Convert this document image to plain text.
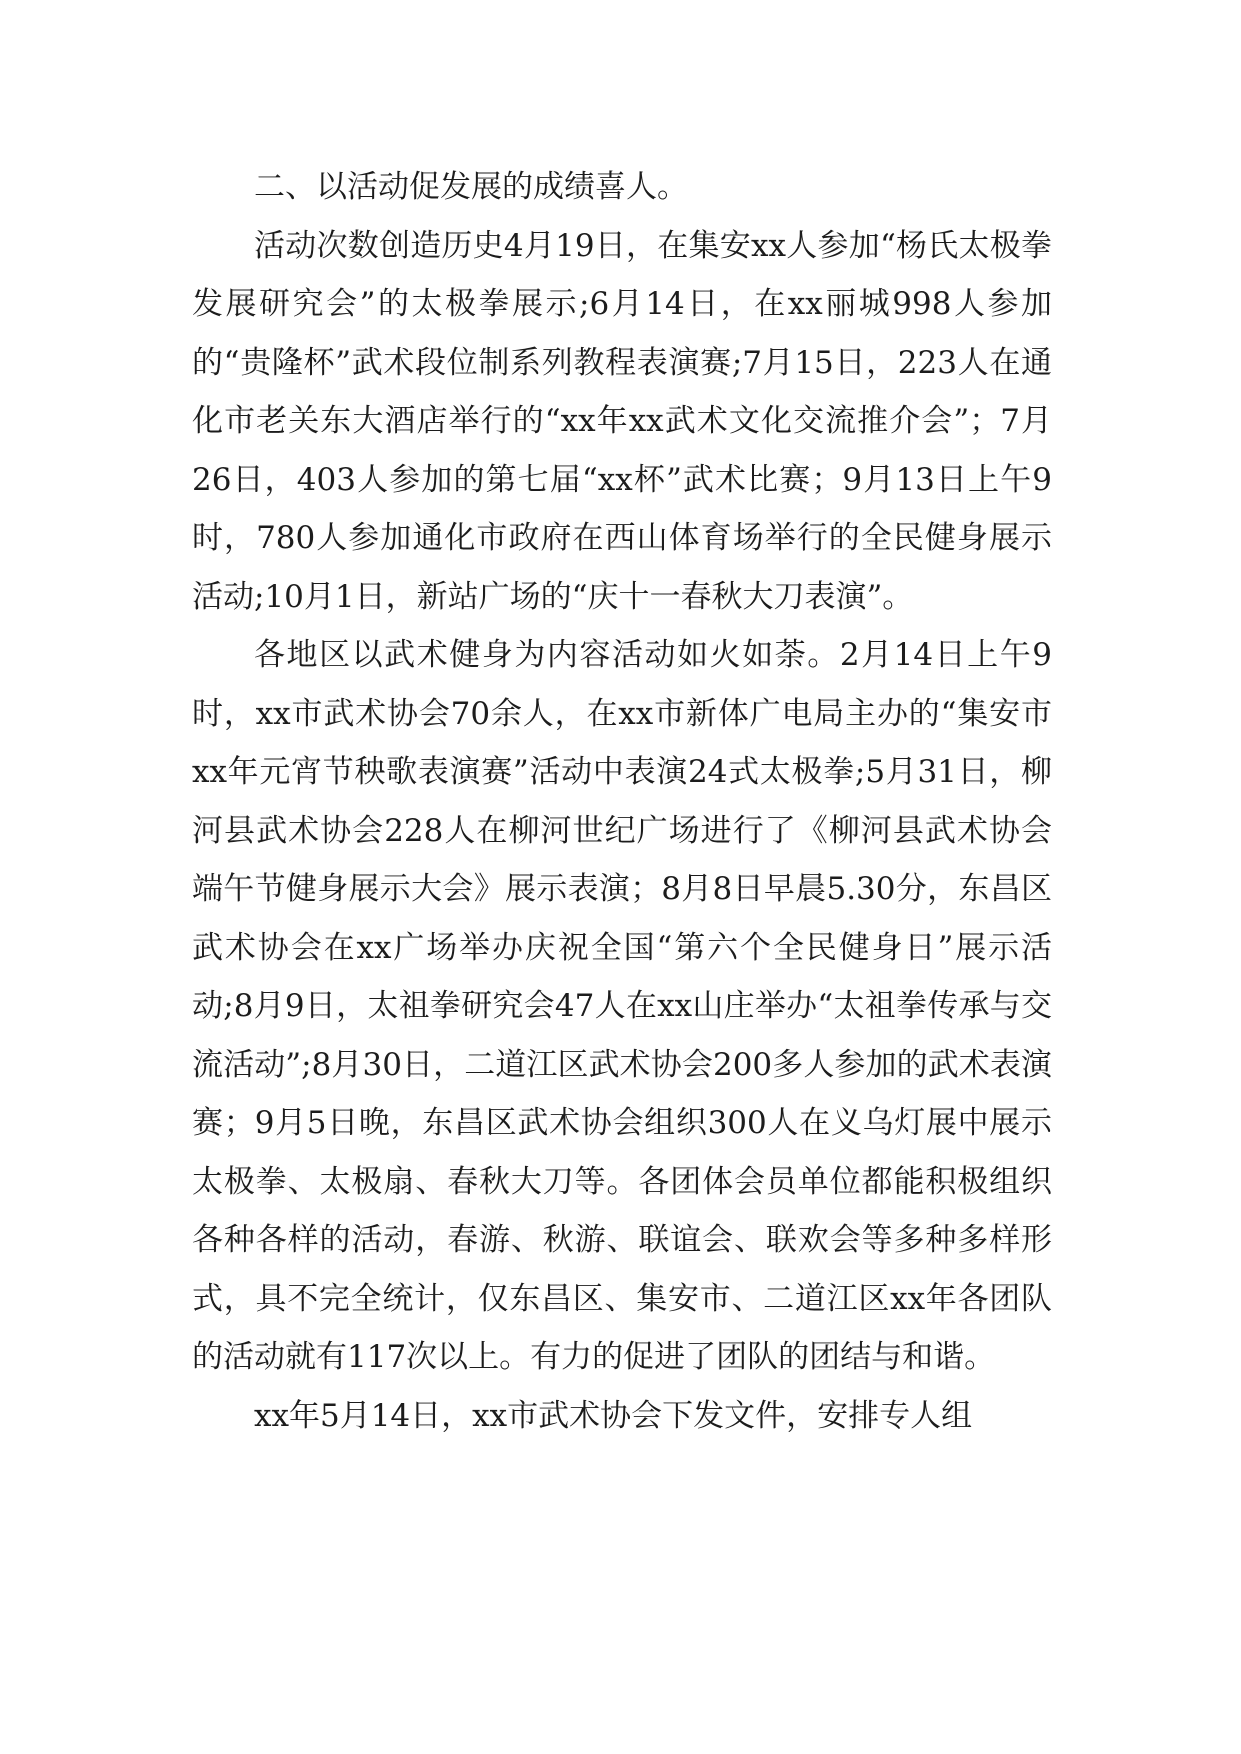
二、以活动促发展的成绩喜人。

活动次数创造历史4月19日，在集安xx人参加“杨氏太极拳发展研究会”的太极拳展示;6月14日，在xx丽城998人参加的“贵隆杯”武术段位制系列教程表演赛;7月15日，223人在通化市老关东大酒店举行的“xx年xx武术文化交流推介会”；7月26日，403人参加的第七届“xx杯”武术比赛；9月13日上午9时，780人参加通化市政府在西山体育场举行的全民健身展示活动;10月1日，新站广场的“庆十一春秋大刀表演”。

各地区以武术健身为内容活动如火如荼。2月14日上午9时，xx市武术协会70余人，在xx市新体广电局主办的“集安市xx年元宵节秧歌表演赛”活动中表演24式太极拳;5月31日，柳河县武术协会228人在柳河世纪广场进行了《柳河县武术协会端午节健身展示大会》展示表演；8月8日早晨5.30分，东昌区武术协会在xx广场举办庆祝全国“第六个全民健身日”展示活动;8月9日，太祖拳研究会47人在xx山庄举办“太祖拳传承与交流活动”;8月30日，二道江区武术协会200多人参加的武术表演赛；9月5日晚，东昌区武术协会组织300人在义乌灯展中展示太极拳、太极扇、春秋大刀等。各团体会员单位都能积极组织各种各样的活动，春游、秋游、联谊会、联欢会等多种多样形式，具不完全统计，仅东昌区、集安市、二道江区xx年各团队的活动就有117次以上。有力的促进了团队的团结与和谐。

xx年5月14日，xx市武术协会下发文件，安排专人组
